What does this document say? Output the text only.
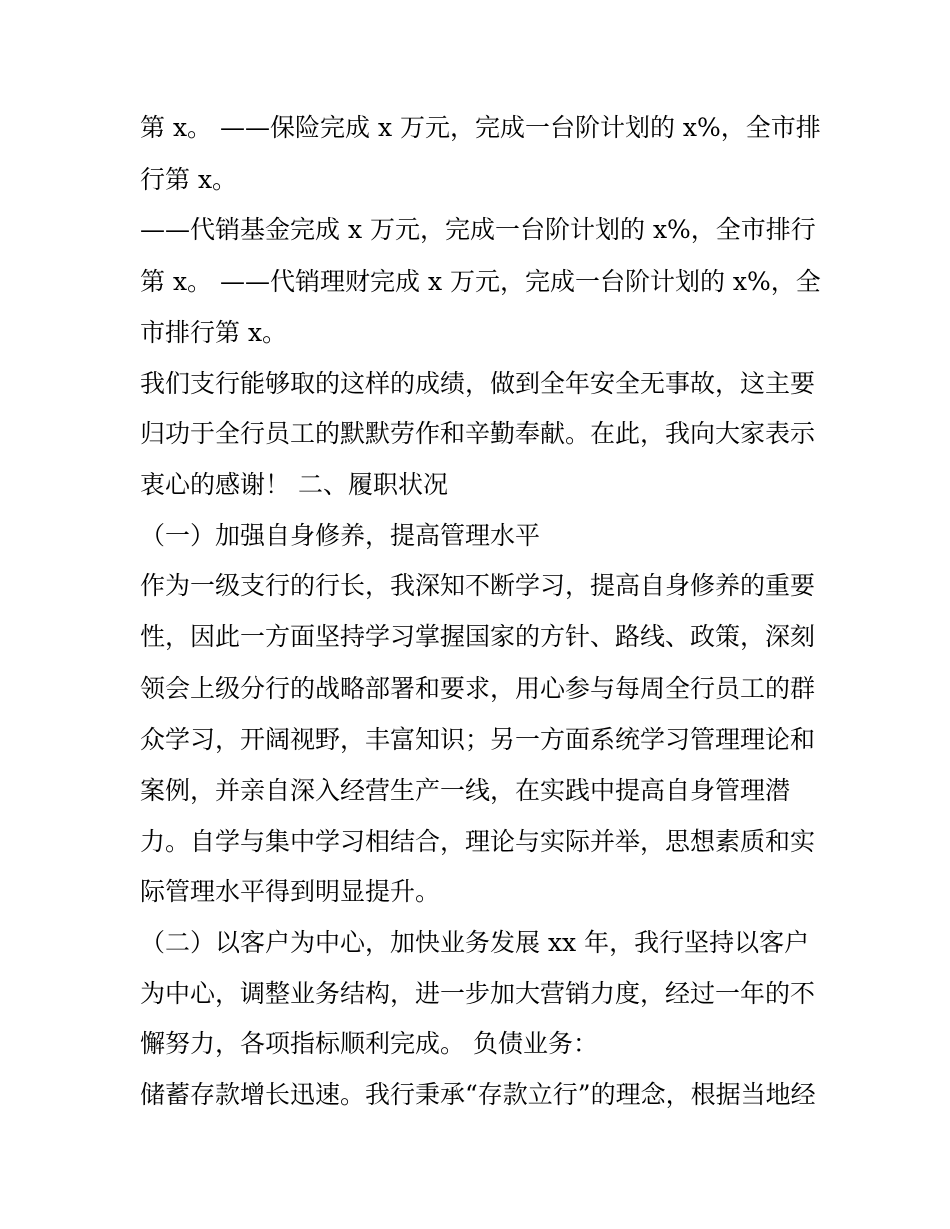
第 x。 ——保险完成 x 万元，完成一台阶计划的 x%，全市排
行第 x。
——代销基金完成 x 万元，完成一台阶计划的 x%，全市排行
第 x。 ——代销理财完成 x 万元，完成一台阶计划的 x%，全
市排行第 x。
我们支行能够取的这样的成绩，做到全年安全无事故，这主要
归功于全行员工的默默劳作和辛勤奉献。在此，我向大家表示
衷心的感谢！ 二、履职状况
（一）加强自身修养，提高管理水平
作为一级支行的行长，我深知不断学习，提高自身修养的重要
性，因此一方面坚持学习掌握国家的方针、路线、政策，深刻
领会上级分行的战略部署和要求，用心参与每周全行员工的群
众学习，开阔视野，丰富知识；另一方面系统学习管理理论和
案例，并亲自深入经营生产一线，在实践中提高自身管理潜
力。自学与集中学习相结合，理论与实际并举，思想素质和实
际管理水平得到明显提升。
（二）以客户为中心，加快业务发展 xx 年，我行坚持以客户
为中心，调整业务结构，进一步加大营销力度，经过一年的不
懈努力，各项指标顺利完成。 负债业务：
储蓄存款增长迅速。我行秉承“存款立行”的理念，根据当地经
